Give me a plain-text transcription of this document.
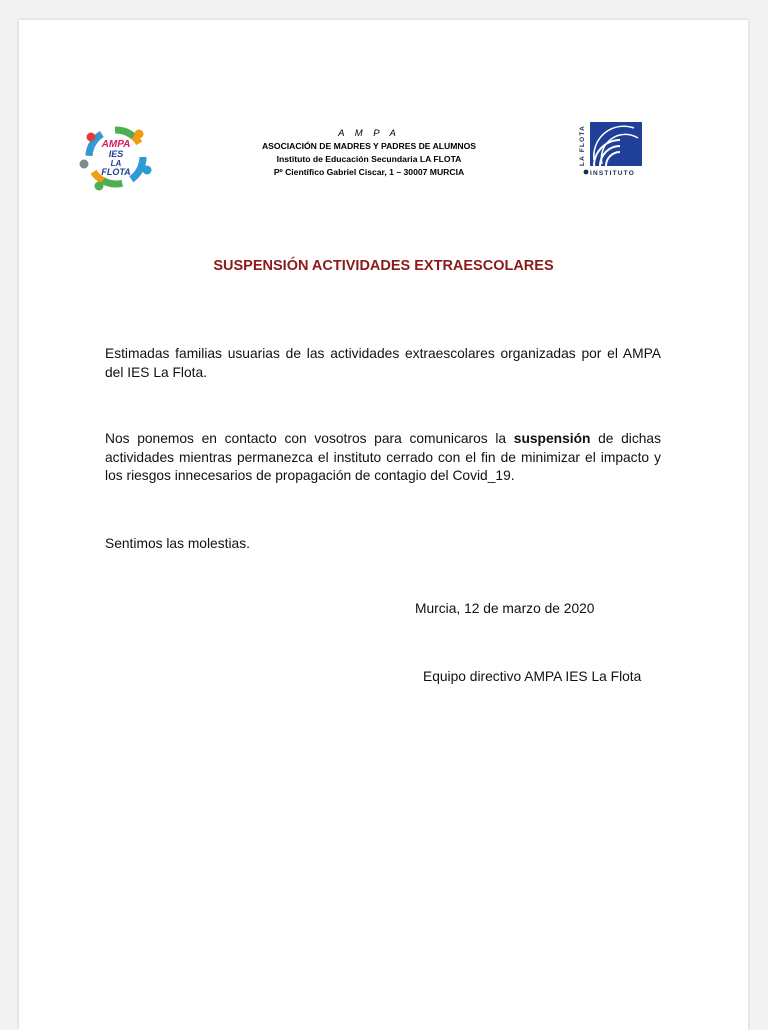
AMPA
IES
LA
FLOTA
A M P A
ASOCIACIÓN DE MADRES Y PADRES DE ALUMNOS
Instituto de Educación Secundaria LA FLOTA
Pº Científico Gabriel Ciscar, 1 – 30007 MURCIA
LA FLOTA
INSTITUTO
SUSPENSIÓN ACTIVIDADES EXTRAESCOLARES
Estimadas familias usuarias de las actividades extraescolares organizadas por el AMPA del IES La Flota.
Nos ponemos en contacto con vosotros para comunicaros la suspensión de dichas actividades mientras permanezca el instituto cerrado con el fin de minimizar el impacto y los riesgos innecesarios de propagación de contagio del Covid_19.
Sentimos las molestias.
Murcia, 12 de marzo de 2020
Equipo directivo AMPA IES La Flota
